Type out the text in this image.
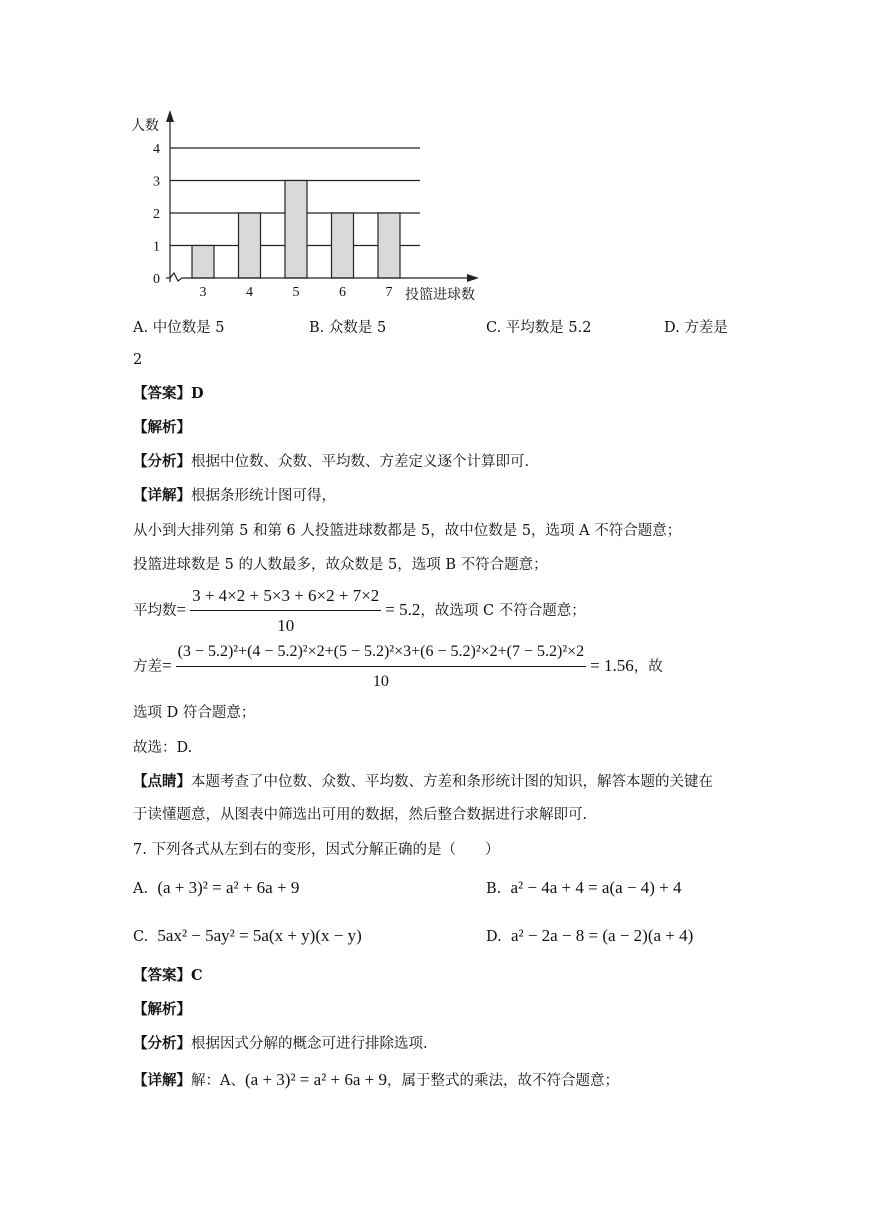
3	4	5	6	7
0
1
2
3
4
人数
投篮进球数
A. 中位数是 5	B. 众数是 5	C. 平均数是 5.2	D. 方差是
2
【答案】D
【解析】
【分析】根据中位数、众数、平均数、方差定义逐个计算即可.
【详解】根据条形统计图可得，
从小到大排列第 5 和第 6 人投篮进球数都是 5，故中位数是 5，选项 A 不符合题意；
投篮进球数是 5 的人数最多，故众数是 5，选项 B 不符合题意；
平均数= $\frac{3 + 4\times 2 + 5\times 3 + 6\times 2 + 7\times 2}{10} = 5.2$，故选项 C 不符合题意；
方差=
(3 − 5.2)²+(4 − 5.2)²×2+(5 − 5.2)²×3+(6 − 5.2)²×2+(7 − 5.2)²×2
10
= 1.56，故
选项 D 符合题意；
故选：D.
【点睛】本题考查了中位数、众数、平均数、方差和条形统计图的知识，解答本题的关键在
于读懂题意，从图表中筛选出可用的数据，然后整合数据进行求解即可.
7. 下列各式从左到右的变形，因式分解正确的是（　　）
A. (a + 3)² = a² + 6a + 9	B. a² − 4a + 4 = a(a − 4) + 4
C. 5ax² − 5ay² = 5a(x + y)(x − y)	D. a² − 2a − 8 = (a − 2)(a + 4)
【答案】C
【解析】
【分析】根据因式分解的概念可进行排除选项.
【详解】解：A、(a + 3)² = a² + 6a + 9，属于整式的乘法，故不符合题意；
